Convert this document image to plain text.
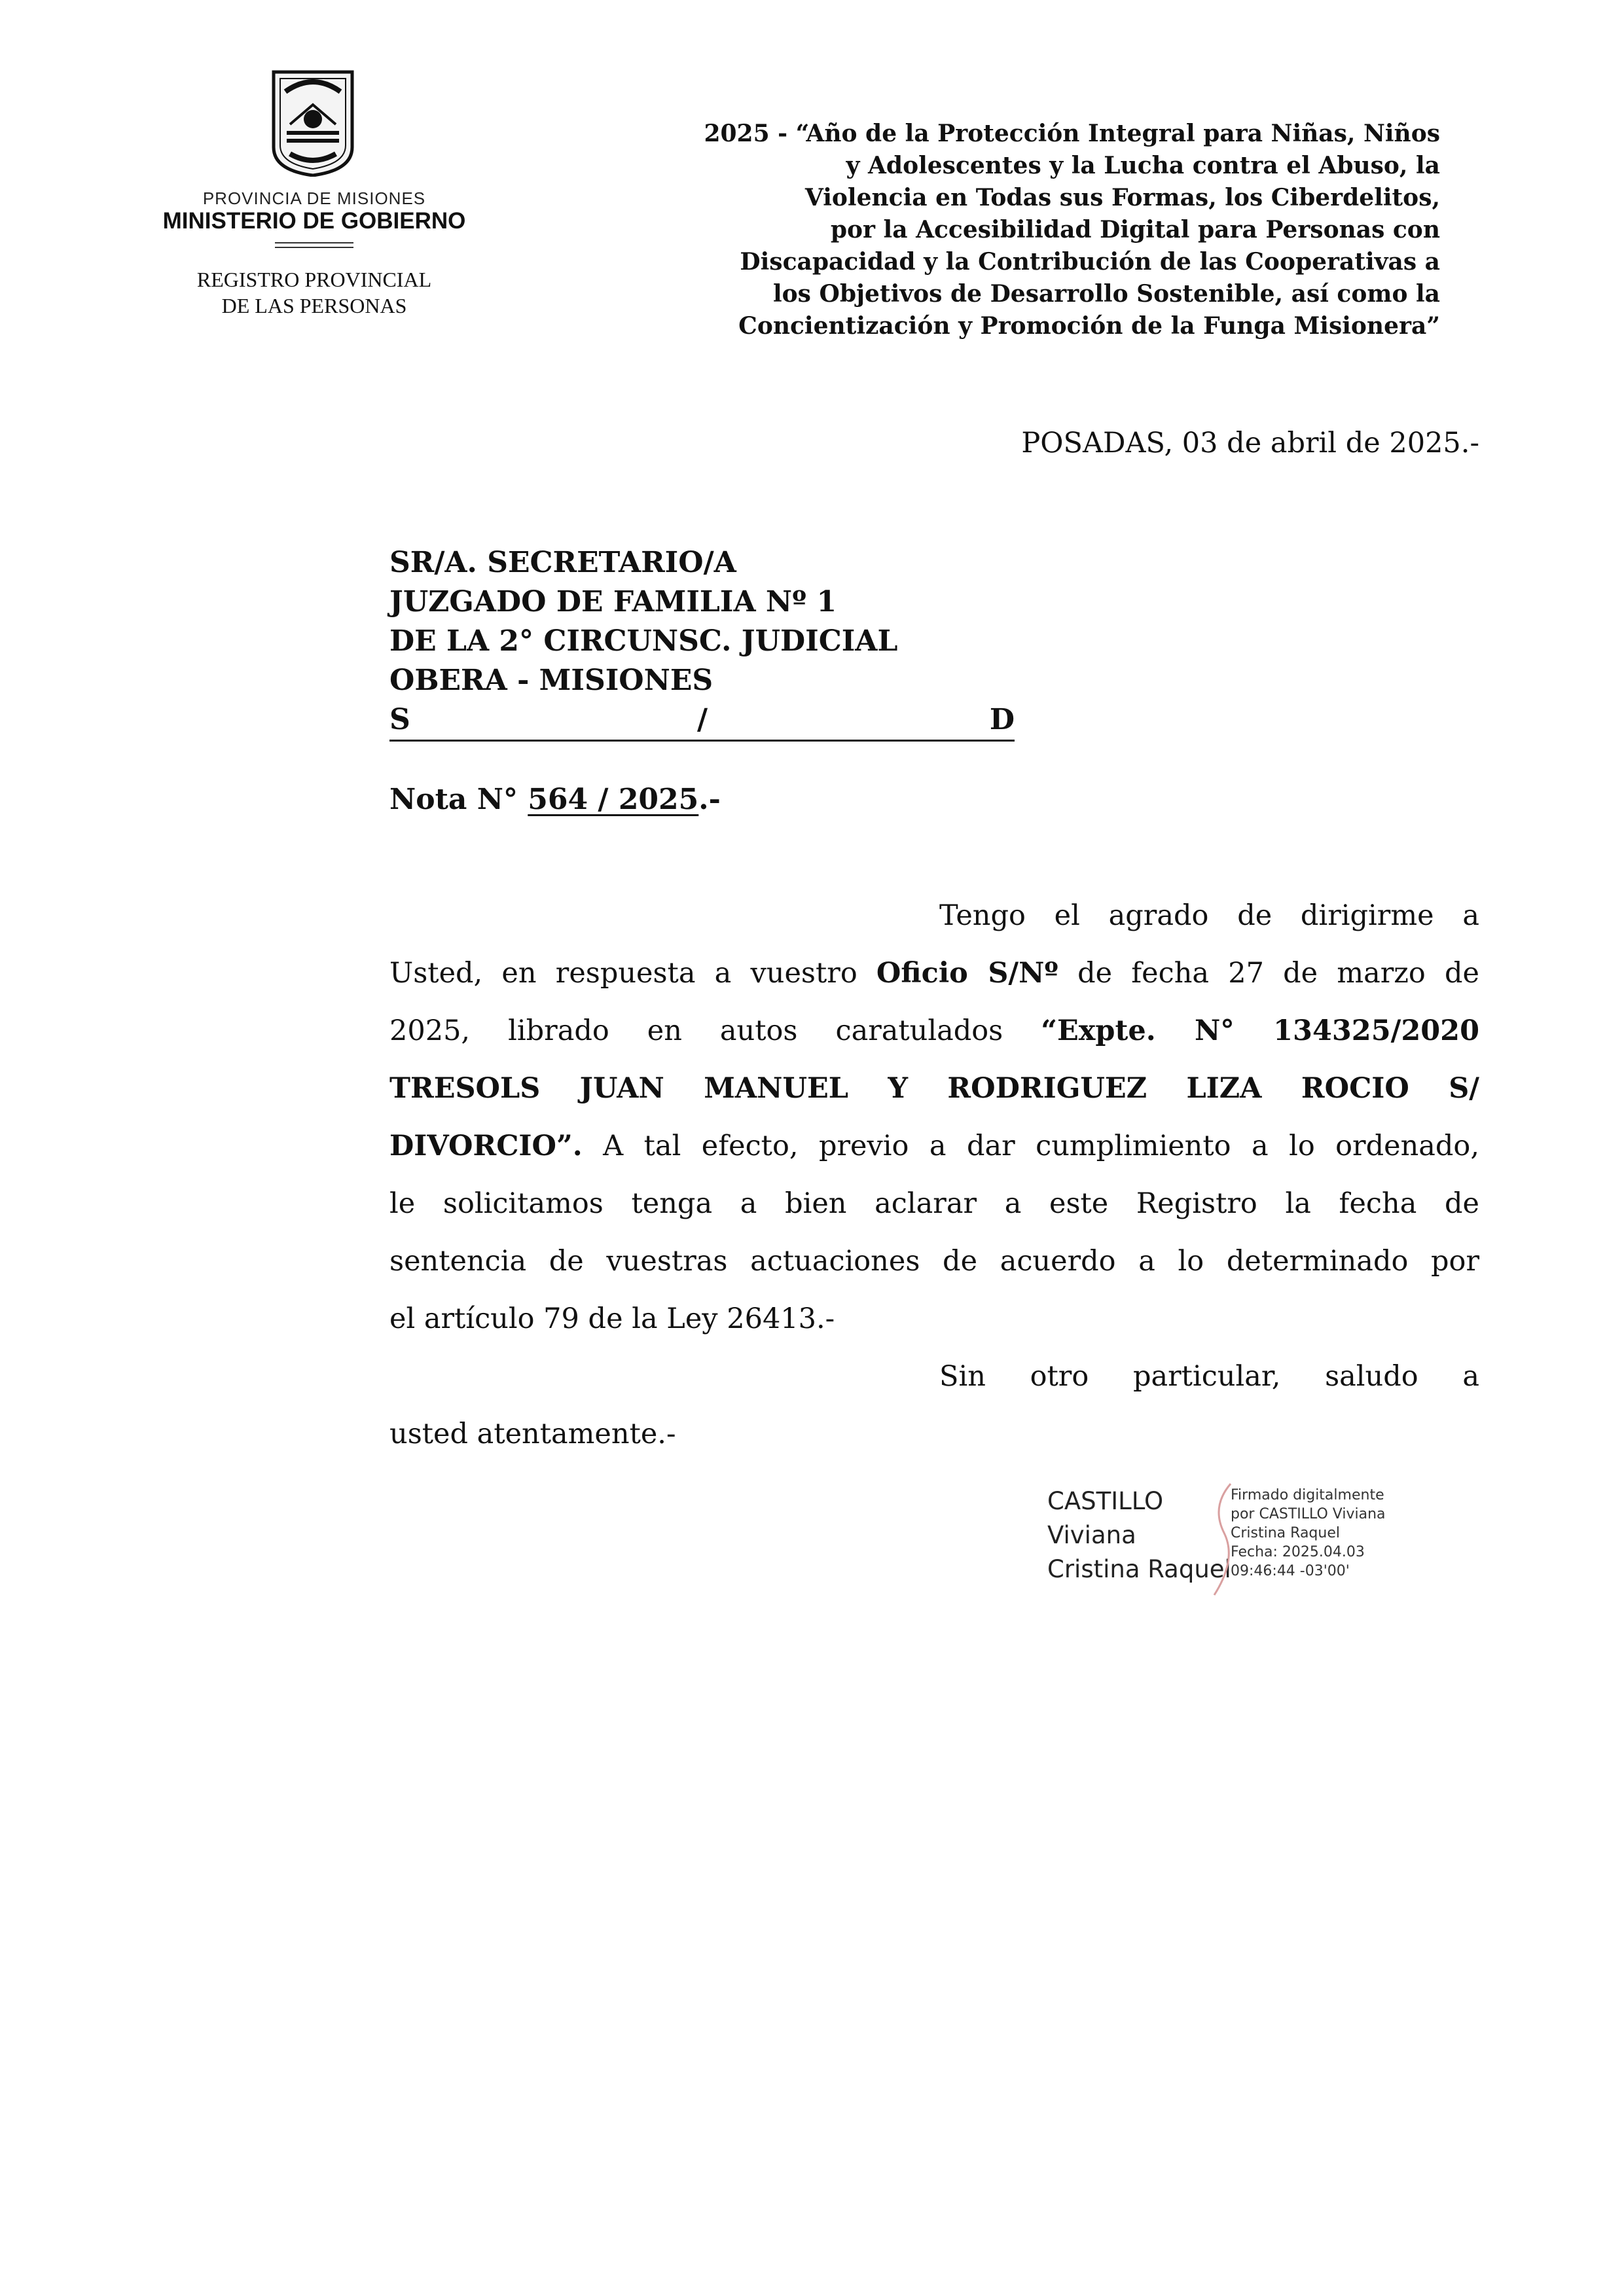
PROVINCIA DE MISIONES
MINISTERIO DE GOBIERNO
REGISTRO PROVINCIAL
DE LAS PERSONAS
2025 - “Año de la Protección Integral para Niñas, Niños
y Adolescentes y la Lucha contra el Abuso, la
Violencia en Todas sus Formas, los Ciberdelitos,
por la Accesibilidad Digital para Personas con
Discapacidad y la Contribución de las Cooperativas a
los Objetivos de Desarrollo Sostenible, así como la
Concientización y Promoción de la Funga Misionera”
POSADAS, 03 de abril de 2025.-
SR/A. SECRETARIO/A
JUZGADO DE FAMILIA Nº 1
DE LA 2° CIRCUNSC. JUDICIAL
OBERA - MISIONES
S	/	D
Nota N° 564 / 2025.-
Tengo el agrado de dirigirme a
Usted, en respuesta a vuestro Oficio S/Nº de fecha 27 de marzo de
2025, librado en autos caratulados “Expte. N° 134325/2020
TRESOLS JUAN MANUEL Y RODRIGUEZ LIZA ROCIO S/
DIVORCIO”. A tal efecto, previo a dar cumplimiento a lo ordenado,
le solicitamos tenga a bien aclarar a este Registro la fecha de
sentencia de vuestras actuaciones de acuerdo a lo determinado por
el artículo 79 de la Ley 26413.-
Sin otro particular, saludo a
usted atentamente.-
CASTILLO
Viviana
Cristina Raquel
Firmado digitalmente
por CASTILLO Viviana
Cristina Raquel
Fecha: 2025.04.03
09:46:44 -03'00'
